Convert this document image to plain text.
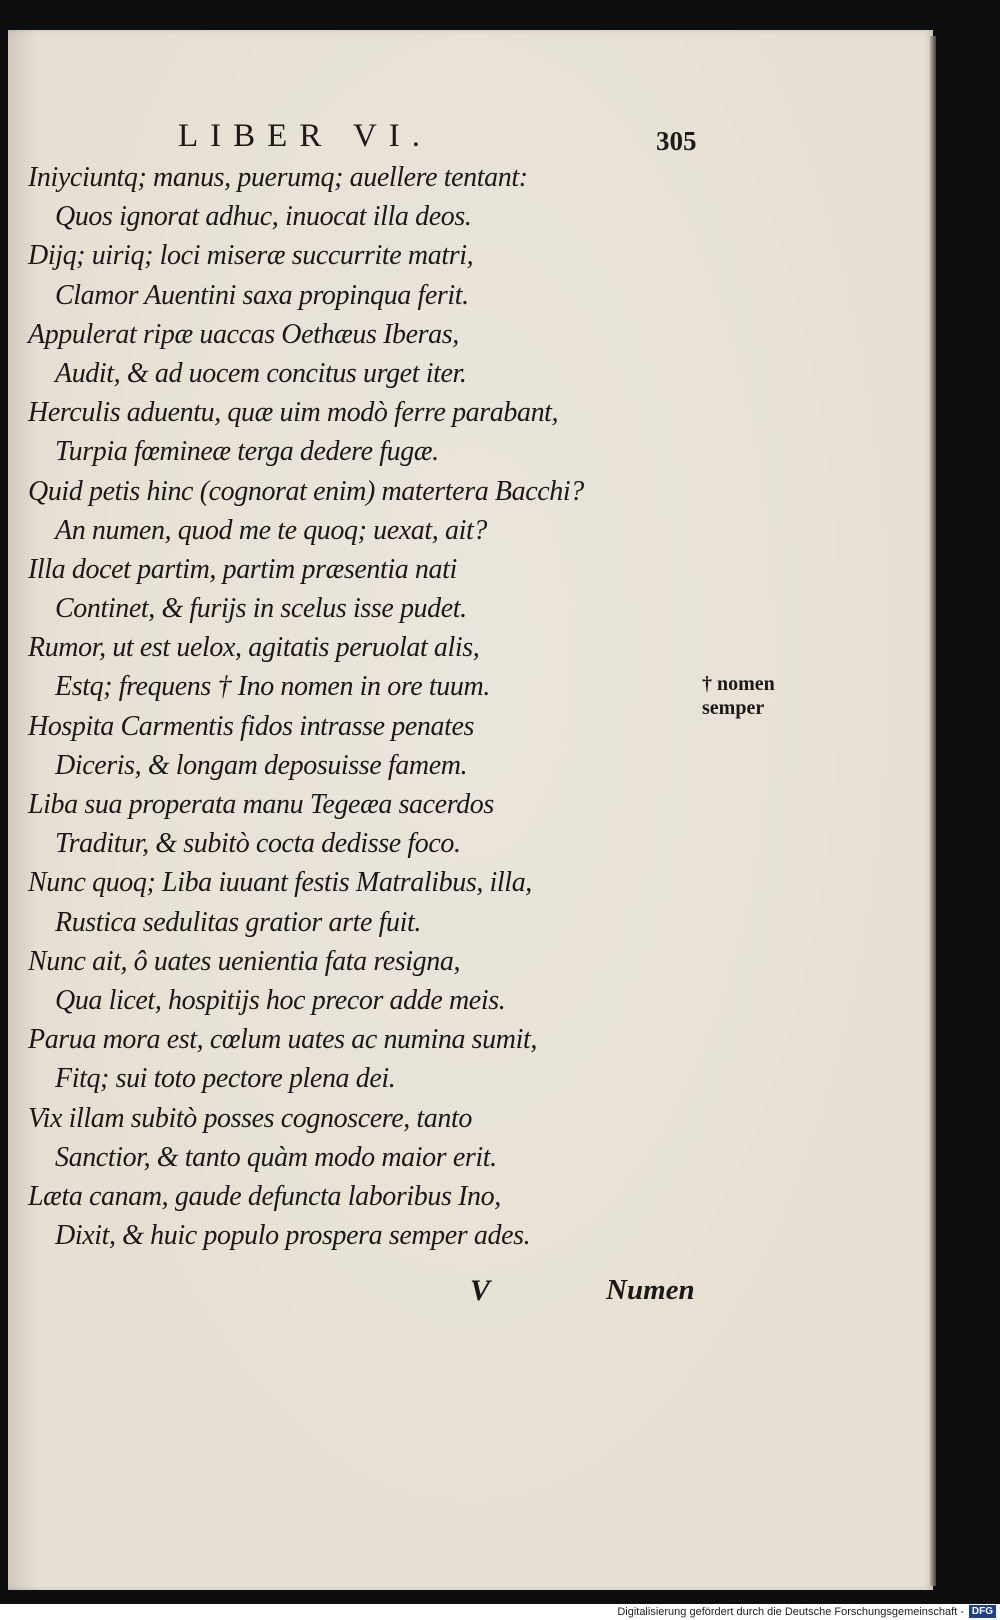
LIBER VI.	305
Iniyciuntq; manus, puerumq; auellere tentant:
Quos ignorat adhuc, inuocat illa deos.
Dijq; uiriq; loci miseræ succurrite matri,
Clamor Auentini saxa propinqua ferit.
Appulerat ripæ uaccas Oethæus Iberas,
Audit, & ad uocem concitus urget iter.
Herculis aduentu, quæ uim modò ferre parabant,
Turpia fœmineæ terga dedere fugæ.
Quid petis hinc (cognorat enim) matertera Bacchi?
An numen, quod me te quoq; uexat, ait?
Illa docet partim, partim præsentia nati
Continet, & furijs in scelus isse pudet.
Rumor, ut est uelox, agitatis peruolat alis,
Estq; frequens † Ino nomen in ore tuum.
Hospita Carmentis fidos intrasse penates
Diceris, & longam deposuisse famem.
Liba sua properata manu Tegeæa sacerdos
Traditur, & subitò cocta dedisse foco.
Nunc quoq; Liba iuuant festis Matralibus, illa,
Rustica sedulitas gratior arte fuit.
Nunc ait, ô uates uenientia fata resigna,
Qua licet, hospitijs hoc precor adde meis.
Parua mora est, cœlum uates ac numina sumit,
Fitq; sui toto pectore plena dei.
Vix illam subitò posses cognoscere, tanto
Sanctior, & tanto quàm modo maior erit.
Læta canam, gaude defuncta laboribus Ino,
Dixit, & huic populo prospera semper ades.
† nomen
semper
V	Numen
Digitalisierung gefördert durch die Deutsche Forschungsgemeinschaft - DFG
